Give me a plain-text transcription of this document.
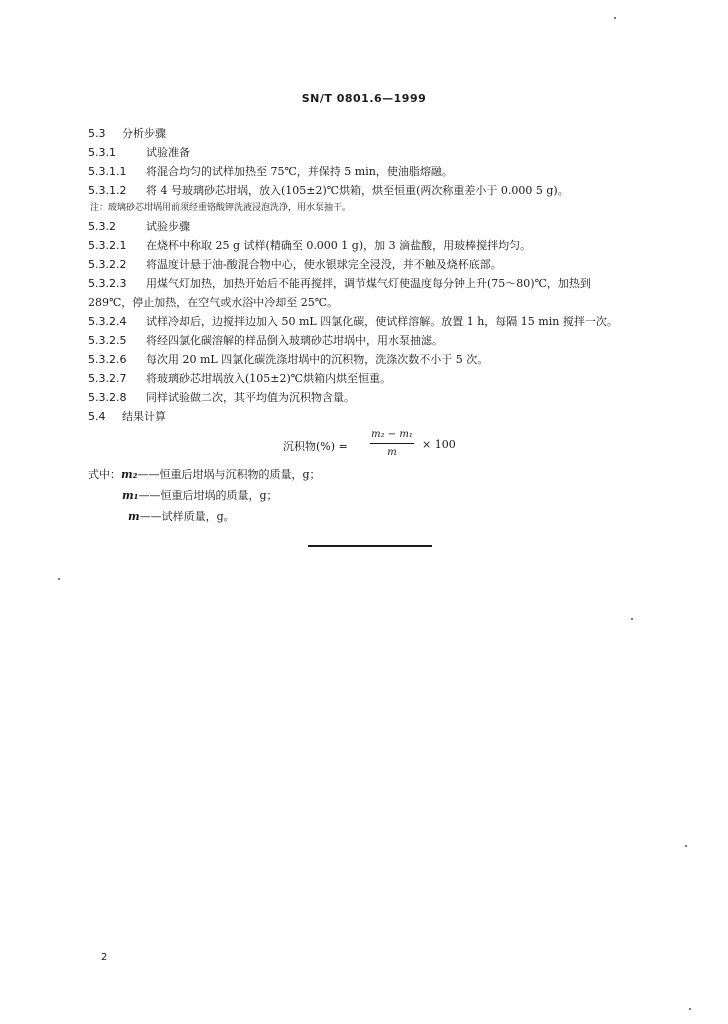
SN/T 0801.6—1999
5.3 分析步骤
5.3.1	试验准备
5.3.1.1 将混合均匀的试样加热至 75℃，并保持 5 min，使油脂熔融。
5.3.1.2 将 4 号玻璃砂芯坩埚，放入(105±2)℃烘箱，烘至恒重(两次称重差小于 0.000 5 g)。
注：玻璃砂芯坩埚用前须经重铬酸钾洗液浸泡洗净，用水泵抽干。
5.3.2	试验步骤
5.3.2.1 在烧杯中称取 25 g 试样(精确至 0.000 1 g)，加 3 滴盐酸，用玻棒搅拌均匀。
5.3.2.2 将温度计悬于油-酸混合物中心，使水银球完全浸没，并不触及烧杯底部。
5.3.2.3 用煤气灯加热，加热开始后不能再搅拌，调节煤气灯使温度每分钟上升(75～80)℃，加热到
289℃，停止加热，在空气或水浴中冷却至 25℃。
5.3.2.4 试样冷却后，边搅拌边加入 50 mL 四氯化碳，使试样溶解。放置 1 h，每隔 15 min 搅拌一次。
5.3.2.5 将经四氯化碳溶解的样品倒入玻璃砂芯坩埚中，用水泵抽滤。
5.3.2.6 每次用 20 mL 四氯化碳洗涤坩埚中的沉积物，洗涤次数不小于 5 次。
5.3.2.7 将玻璃砂芯坩埚放入(105±2)℃烘箱内烘至恒重。
5.3.2.8 同样试验做二次，其平均值为沉积物含量。
5.4 结果计算
沉积物(%) =
m₂ − m₁
m
× 100
式中：m₂——恒重后坩埚与沉积物的质量，g；
m₁——恒重后坩埚的质量，g；
m——试样质量，g。
2
